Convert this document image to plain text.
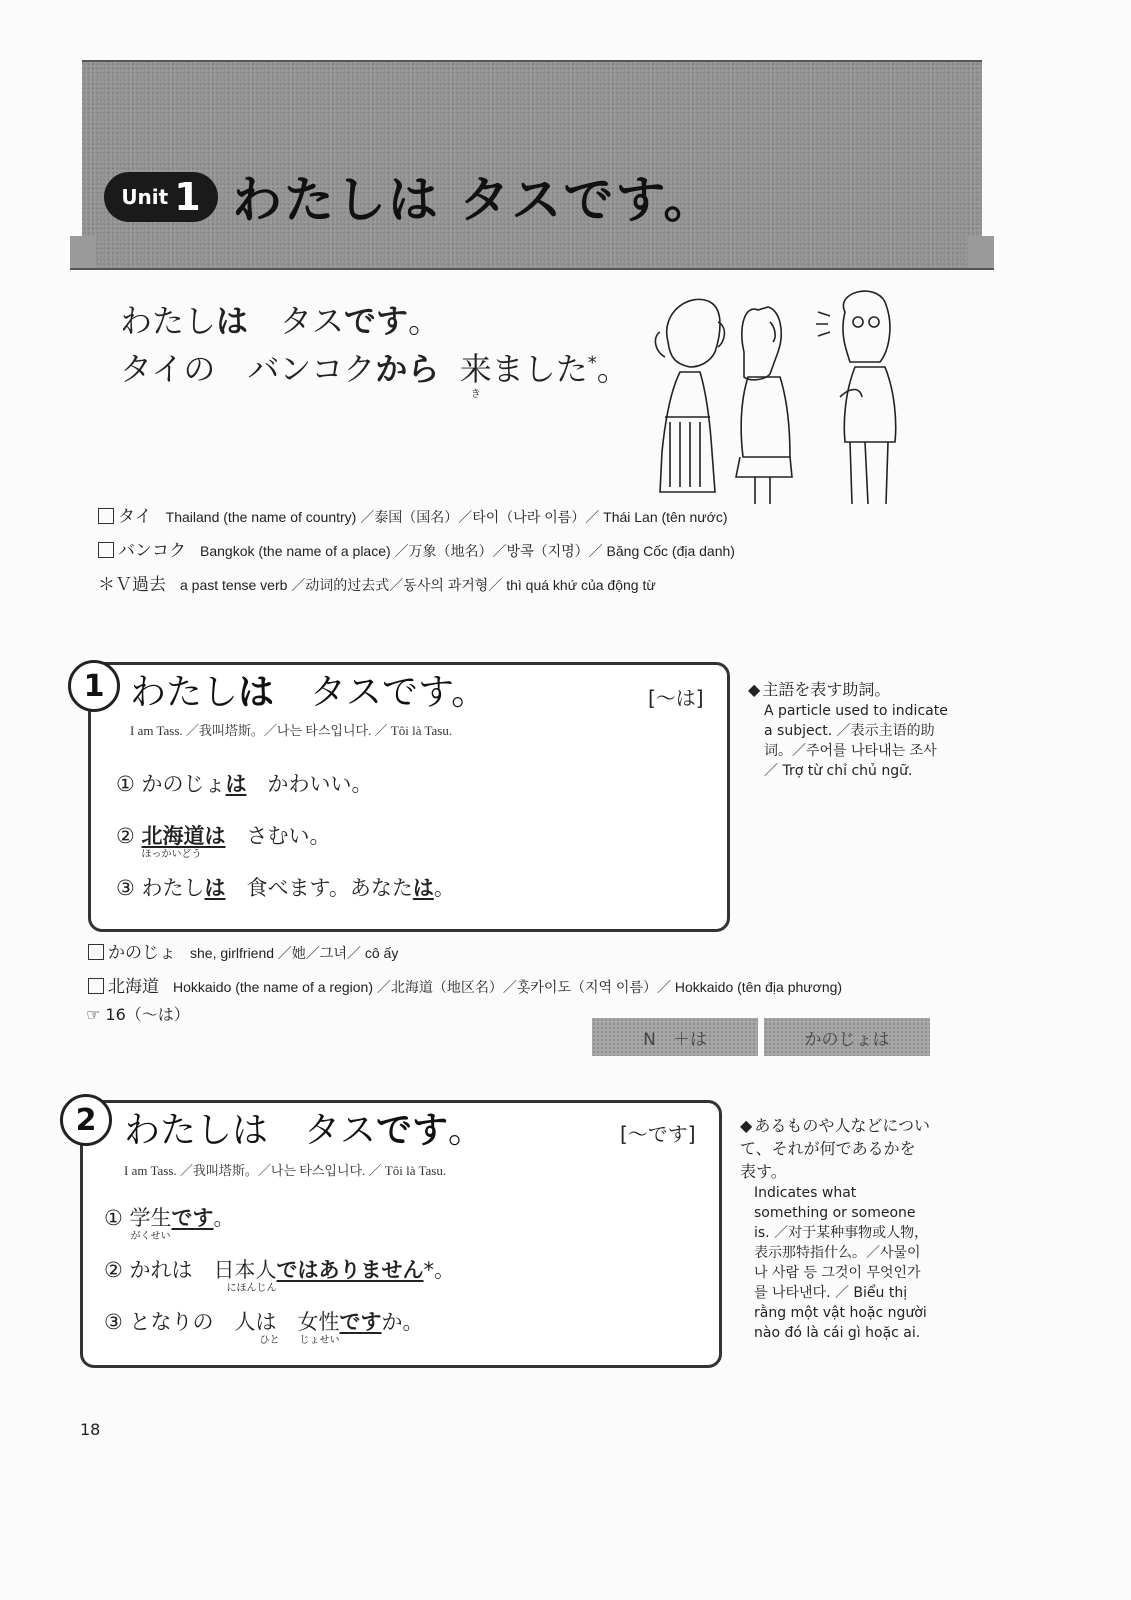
Unit 1 わたしは タスです。
わたしは　タスです。
タイの　バンコクから 来
き
ました*。
タイ Thailand (the name of country) ／泰国（国名）／타이（나라 이름）／ Thái Lan (tên nước)
バンコク Bangkok (the name of a place) ／万象（地名）／방콕（지명）／ Băng Cốc (địa danh)
＊Ｖ過去 a past tense verb ／动词的过去式／동사의 과거형／ thì quá khứ của động từ
1 わたしは　タスです。	[〜は]
I am Tass. ／我叫塔斯。／나는 타스입니다. ／ Tôi là Tasu.
① かのじょは　かわいい。
② 北海道は
ほっかいどう
　さむい。
③ わたしは　食べます。あなたは。
◆ 主語を表す助詞。
A particle used to indicate a subject. ／表示主语的助词。／주어를 나타내는 조사 ／ Trợ từ chỉ chủ ngữ.
かのじょ she, girlfriend ／她／그녀／ cô ấy
北海道 Hokkaido (the name of a region) ／北海道（地区名）／홋카이도（지역 이름）／ Hokkaido (tên địa phương)
☞ 16（〜は）
N　＋は	かのじょは
2 わたしは　タスです。	[〜です]
I am Tass. ／我叫塔斯。／나는 타스입니다. ／ Tôi là Tasu.
① 学生
がくせい
です。
② かれは　日本人
にほんじん
ではありません*。
③ となりの　人は　女性
ひと　　じょせい
ですか。
◆ あるものや人などについて、それが何であるかを表す。
Indicates what something or someone is. ／对于某种事物或人物，表示那特指什么。／사물이나 사람 등 그것이 무엇인가를 나타낸다. ／ Biểu thị rằng một vật hoặc người nào đó là cái gì hoặc ai.
18
